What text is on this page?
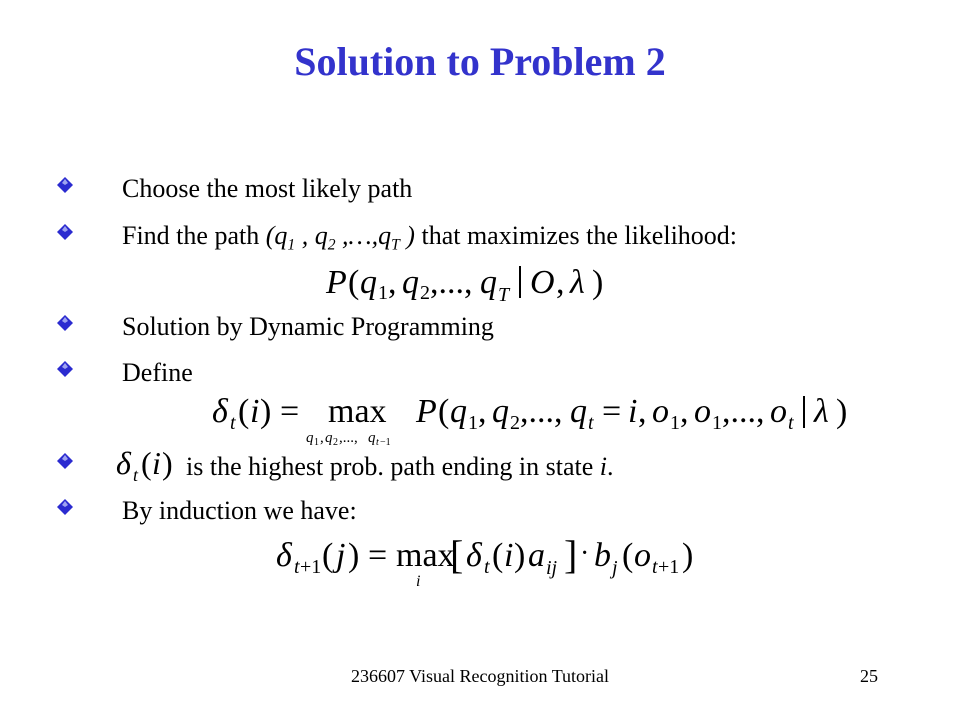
Solution to Problem 2
Choose the most likely path
Find the path ($q_1$ , $q_2$ $,\dots,q_T$ ) that maximizes the likelihood:
P ( q 1 , q 2 ,..., q T O , λ )
Solution by Dynamic Programming
Define
δ t ( i ) = max
q 1 , q 2 ,..., q t −1
P ( q 1 , q 2 ,..., q t = i , o 1 , o 1 ,..., o t λ )
δ t ( i ) is the highest prob. path ending in state i.
By induction we have:
δ t +1 ( j ) = max
i
[ δ t ( i ) a ij ] · b j ( o t +1 )
236607 Visual Recognition Tutorial	25
